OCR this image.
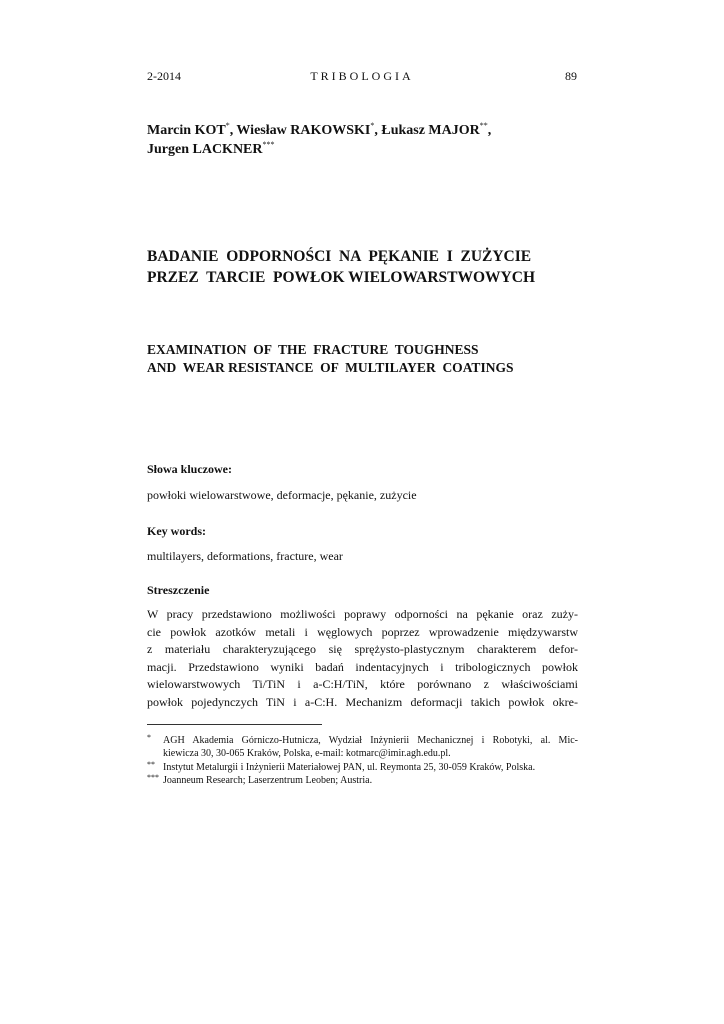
2-2014	TRIBOLOGIA	89
Marcin KOT*, Wiesław RAKOWSKI*, Łukasz MAJOR**,
Jurgen LACKNER***
BADANIE  ODPORNOŚCI  NA  PĘKANIE  I  ZUŻYCIE
PRZEZ  TARCIE  POWŁOK WIELOWARSTWOWYCH
EXAMINATION  OF  THE  FRACTURE  TOUGHNESS
AND  WEAR RESISTANCE  OF  MULTILAYER  COATINGS
Słowa kluczowe:
powłoki wielowarstwowe, deformacje, pękanie, zużycie
Key words:
multilayers, deformations, fracture, wear
Streszczenie
W pracy przedstawiono możliwości poprawy odporności na pękanie oraz zuży-
cie powłok azotków metali i węglowych poprzez wprowadzenie międzywarstw
z materiału charakteryzującego się sprężysto-plastycznym charakterem defor-
macji. Przedstawiono wyniki badań indentacyjnych i tribologicznych powłok
wielowarstwowych Ti/TiN i a-C:H/TiN, które porównano z właściwościami
powłok pojedynczych TiN i a-C:H. Mechanizm deformacji takich powłok okre-
* AGH Akademia Górniczo-Hutnicza, Wydział Inżynierii Mechanicznej i Robotyki, al. Mic-
kiewicza 30, 30-065 Kraków, Polska, e-mail: kotmarc@imir.agh.edu.pl.
** Instytut Metalurgii i Inżynierii Materiałowej PAN, ul. Reymonta 25, 30-059 Kraków, Polska.
*** Joanneum Research; Laserzentrum Leoben; Austria.
